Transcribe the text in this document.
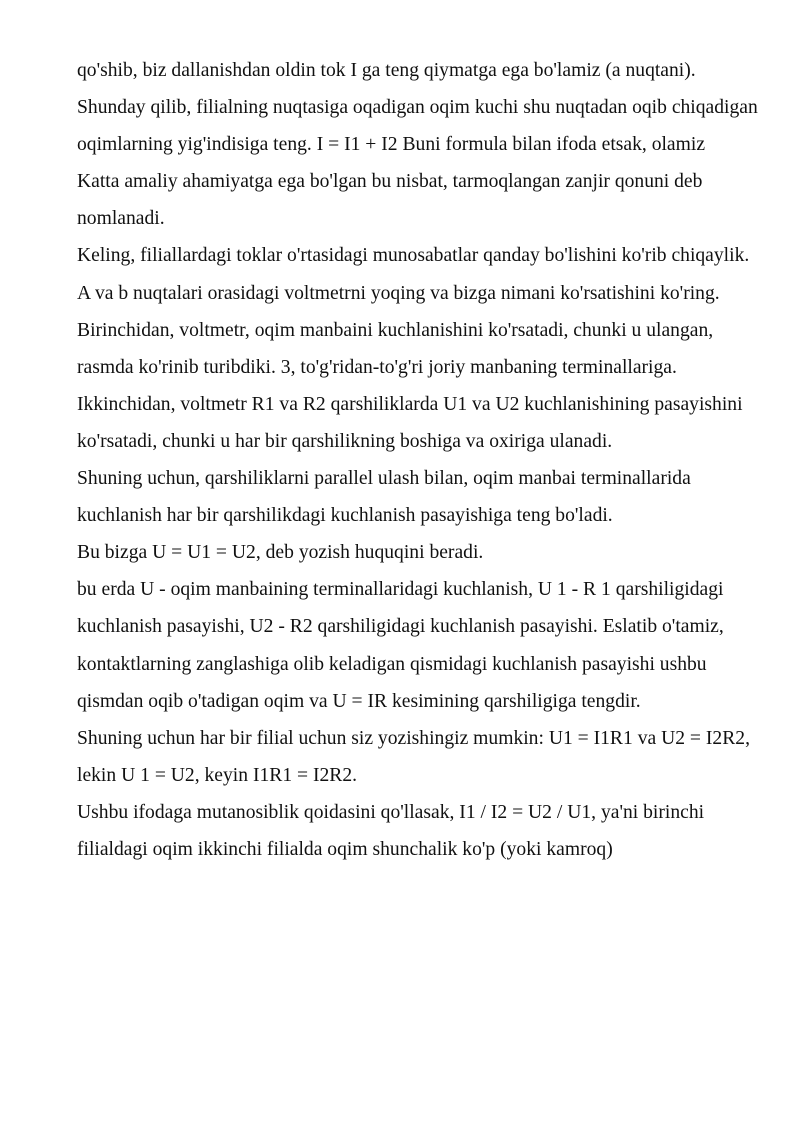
qo'shib, biz dallanishdan oldin tok I ga teng qiymatga ega bo'lamiz (a nuqtani).

Shunday qilib, filialning nuqtasiga oqadigan oqim kuchi shu nuqtadan oqib chiqadigan oqimlarning yig'indisiga teng. I = I1 + I2 Buni formula bilan ifoda etsak, olamiz

Katta amaliy ahamiyatga ega bo'lgan bu nisbat, tarmoqlangan zanjir qonuni deb nomlanadi.

Keling, filiallardagi toklar o'rtasidagi munosabatlar qanday bo'lishini ko'rib chiqaylik.

A va b nuqtalari orasidagi voltmetrni yoqing va bizga nimani ko'rsatishini ko'ring. Birinchidan, voltmetr, oqim manbaini kuchlanishini ko'rsatadi, chunki u ulangan, rasmda ko'rinib turibdiki. 3, to'g'ridan-to'g'ri joriy manbaning terminallariga. Ikkinchidan, voltmetr R1 va R2 qarshiliklarda U1 va U2 kuchlanishining pasayishini ko'rsatadi, chunki u har bir qarshilikning boshiga va oxiriga ulanadi.

Shuning uchun, qarshiliklarni parallel ulash bilan, oqim manbai terminallarida kuchlanish har bir qarshilikdagi kuchlanish pasayishiga teng bo'ladi.

Bu bizga U = U1 = U2, deb yozish huquqini beradi.

bu erda U - oqim manbaining terminallaridagi kuchlanish, U 1 - R 1 qarshiligidagi kuchlanish pasayishi, U2 - R2 qarshiligidagi kuchlanish pasayishi. Eslatib o'tamiz, kontaktlarning zanglashiga olib keladigan qismidagi kuchlanish pasayishi ushbu qismdan oqib o'tadigan oqim va U = IR kesimining qarshiligiga tengdir.

Shuning uchun har bir filial uchun siz yozishingiz mumkin: U1 = I1R1 va U2 = I2R2, lekin U 1 = U2, keyin I1R1 = I2R2.

Ushbu ifodaga mutanosiblik qoidasini qo'llasak, I1 / I2 = U2 / U1, ya'ni birinchi filialdagi oqim ikkinchi filialda oqim shunchalik ko'p (yoki kamroq)
